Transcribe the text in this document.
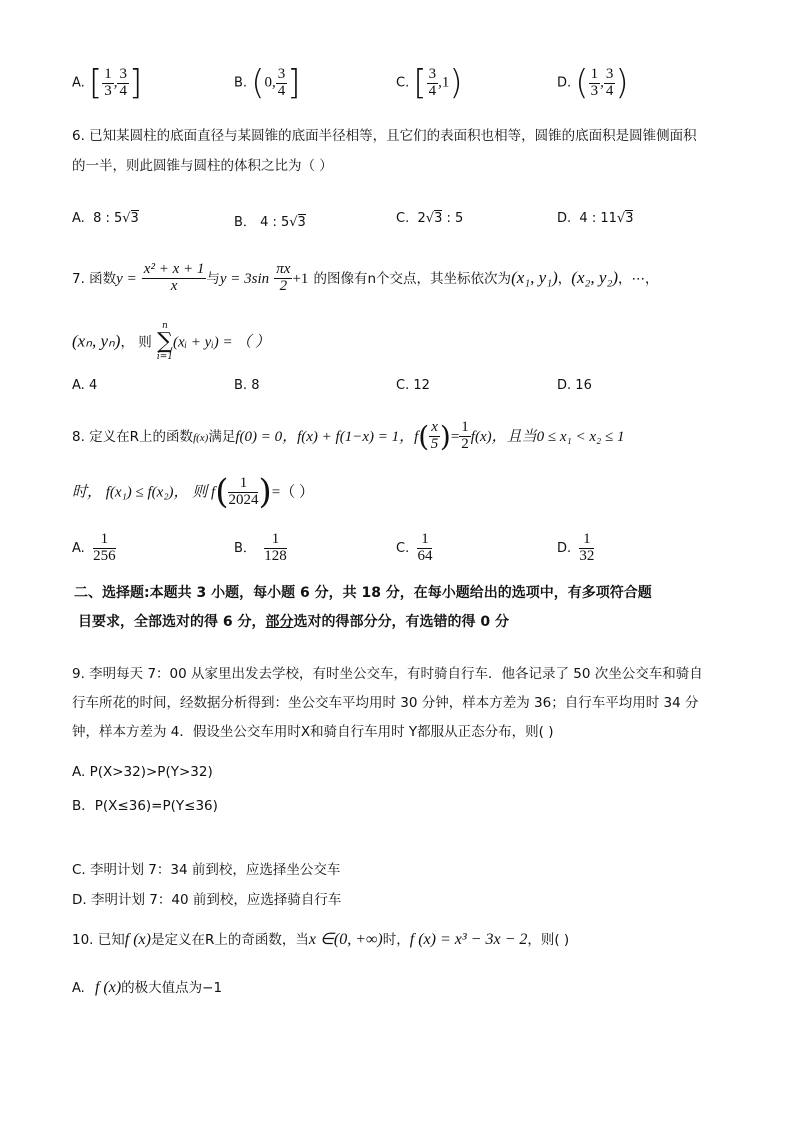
A. [ $\frac{1}{3}$ , $\frac{3}{4}$ ]	B. (0, $\frac{3}{4}$ ]	C. [ $\frac{3}{4} ,1$)	D. ( $\frac{1}{3}$ , $\frac{3}{4}$ )
6. 已知某圆柱的底面直径与某圆锥的底面半径相等，且它们的表面积也相等，圆锥的底面积是圆锥侧面积
的一半，则此圆锥与圆柱的体积之比为（ ）
A. 8 : 5√3	B． 4 : 5√3	C. 2√3 : 5	D. 4 : 11√3
7. 函数$y = \frac{\text{x² + x + 1}}{x}$ 与$y = 3\sin \frac{\pi x}{2} +1$ 的图像有n个交点，其坐标依次为(x₁, y₁)，(x₂, y₂)，⋯，
(xₙ, yₙ)， 则
n
∑
i=1
(xᵢ + yᵢ) = （ ）
A. 4	B. 8	C. 12	D. 16
8. 定义在R上的函数f(x)满足f(0) = 0，f(x) + f(1−x) = 1，$f( \frac{x}{5}$ )= $\frac{1}{2} f(x)$，且当0 ≤ x₁ < x₂ ≤ 1
时， f(x₁) ≤ f(x₂)， 则 $f( \frac{1}{2024}$ )=（ ）
A. $\frac{1}{256}$	B． $\frac{1}{128}$	C. $\frac{1}{64}$	D. $\frac{1}{32}$
二、选择题:本题共 3 小题，每小题 6 分，共 18 分，在每小题给出的选项中，有多项符合题
目要求，全部选对的得 6 分，部分选对的得部分分，有选错的得 0 分
9. 李明每天 7：00 从家里出发去学校，有时坐公交车，有时骑自行车．他各记录了 50 次坐公交车和骑自
行车所花的时间，经数据分析得到：坐公交车平均用时 30 分钟，样本方差为 36；自行车平均用时 34 分
钟，样本方差为 4．假设坐公交车用时X和骑自行车用时 Y都服从正态分布，则( )
A. P(X>32)>P(Y>32)
B．P(X≤36)=P(Y≤36)
C. 李明计划 7：34 前到校，应选择坐公交车
D. 李明计划 7：40 前到校，应选择骑自行车
10. 已知f (x)是定义在R上的奇函数，当x ∈(0, +∞)时，f (x) = x³ − 3x − 2，则( )
A. f (x)的极大值点为−1
